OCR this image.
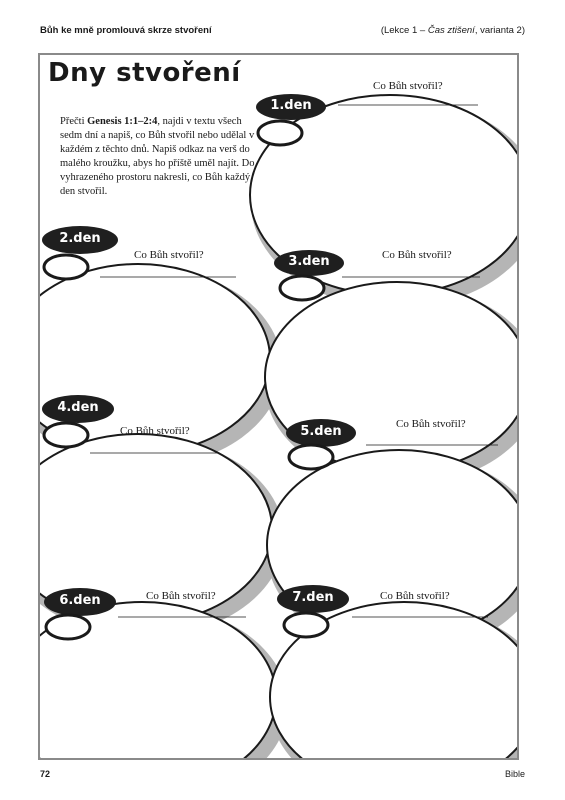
Bůh ke mně promlouvá skrze stvoření	(Lekce 1 – Čas ztišení, varianta 2)
Dny stvoření
Přečti Genesis 1:1–2:4, najdi v textu všech sedm dní a napiš, co Bůh stvořil nebo udělal v každém z těchto dnů. Napiš odkaz na verš do malého kroužku, abys ho příště uměl najít. Do vyhrazeného prostoru nakresli, co Bůh každý den stvořil.
Co Bůh stvořil?
Co Bůh stvořil?	Co Bůh stvořil?
Co Bůh stvořil?
Co Bůh stvořil?
Co Bůh stvořil?	Co Bůh stvořil?
1.den
2.den
3.den
4.den
5.den
6.den	7.den
72	Bible
